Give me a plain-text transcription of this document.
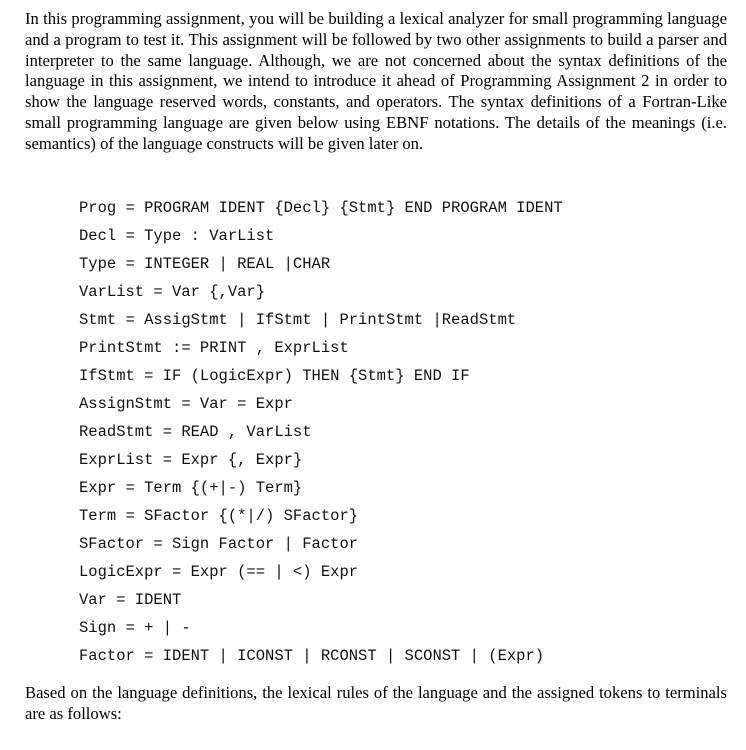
In this programming assignment, you will be building a lexical analyzer for small programming language and a program to test it. This assignment will be followed by two other assignments to build a parser and interpreter to the same language. Although, we are not concerned about the syntax definitions of the language in this assignment, we intend to introduce it ahead of Programming Assignment 2 in order to show the language reserved words, constants, and operators. The syntax definitions of a Fortran-Like small programming language are given below using EBNF notations. The details of the meanings (i.e. semantics) of the language constructs will be given later on.

Prog = PROGRAM IDENT {Decl} {Stmt} END PROGRAM IDENT
Decl = Type : VarList
Type = INTEGER | REAL |CHAR
VarList = Var {,Var}
Stmt = AssigStmt | IfStmt | PrintStmt |ReadStmt
PrintStmt := PRINT , ExprList
IfStmt = IF (LogicExpr) THEN {Stmt} END IF
AssignStmt = Var = Expr
ReadStmt = READ , VarList
ExprList = Expr {, Expr}
Expr = Term {(+|-) Term}
Term = SFactor {(*|/) SFactor}
SFactor = Sign Factor | Factor
LogicExpr = Expr (== | <) Expr
Var = IDENT
Sign = + | -
Factor = IDENT | ICONST | RCONST | SCONST | (Expr)

Based on the language definitions, the lexical rules of the language and the assigned tokens to terminals are as follows:
